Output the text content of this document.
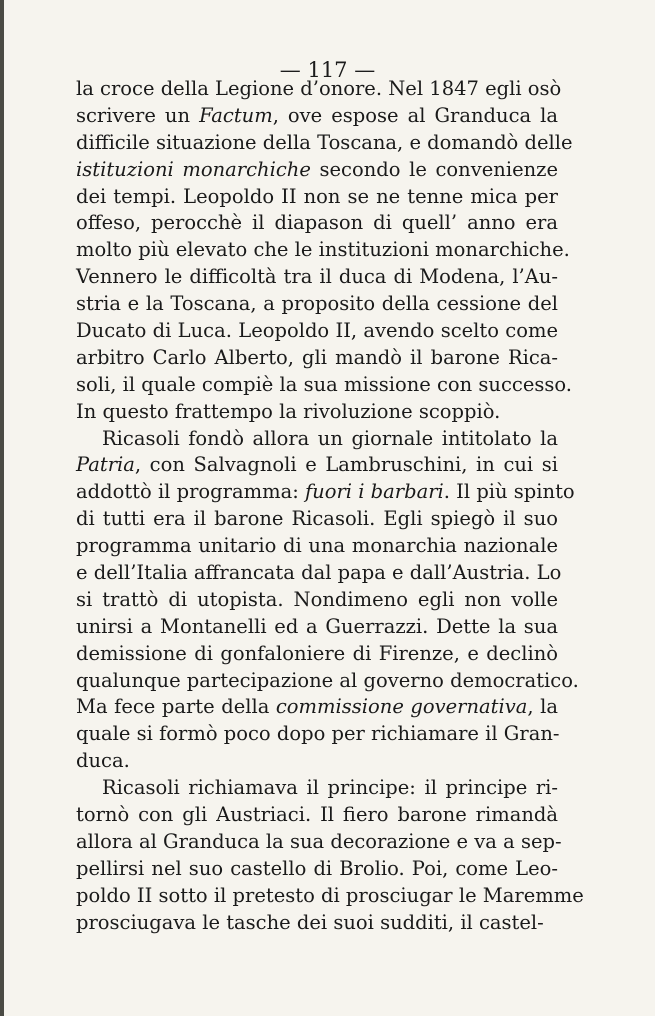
— 117 —

la croce della Legione d’onore. Nel 1847 egli osò
scrivere un Factum, ove espose al Granduca la
difficile situazione della Toscana, e domandò delle
istituzioni monarchiche secondo le convenienze
dei tempi. Leopoldo II non se ne tenne mica per
offeso, perocchè il diapason di quell’ anno era
molto più elevato che le instituzioni monarchiche.
Vennero le difficoltà tra il duca di Modena, l’Au-
stria e la Toscana, a proposito della cessione del
Ducato di Luca. Leopoldo II, avendo scelto come
arbitro Carlo Alberto, gli mandò il barone Rica-
soli, il quale compiè la sua missione con successo.
In questo frattempo la rivoluzione scoppiò.
Ricasoli fondò allora un giornale intitolato la
Patria, con Salvagnoli e Lambruschini, in cui si
addottò il programma: fuori i barbari. Il più spinto
di tutti era il barone Ricasoli. Egli spiegò il suo
programma unitario di una monarchia nazionale
e dell’Italia affrancata dal papa e dall’Austria. Lo
si trattò di utopista. Nondimeno egli non volle
unirsi a Montanelli ed a Guerrazzi. Dette la sua
demissione di gonfaloniere di Firenze, e declinò
qualunque partecipazione al governo democratico.
Ma fece parte della commissione governativa, la
quale si formò poco dopo per richiamare il Gran-
duca.
Ricasoli richiamava il principe: il principe ri-
tornò con gli Austriaci. Il fiero barone rimandà
allora al Granduca la sua decorazione e va a sep-
pellirsi nel suo castello di Brolio. Poi, come Leo-
poldo II sotto il pretesto di prosciugar le Maremme
prosciugava le tasche dei suoi sudditi, il castel-
